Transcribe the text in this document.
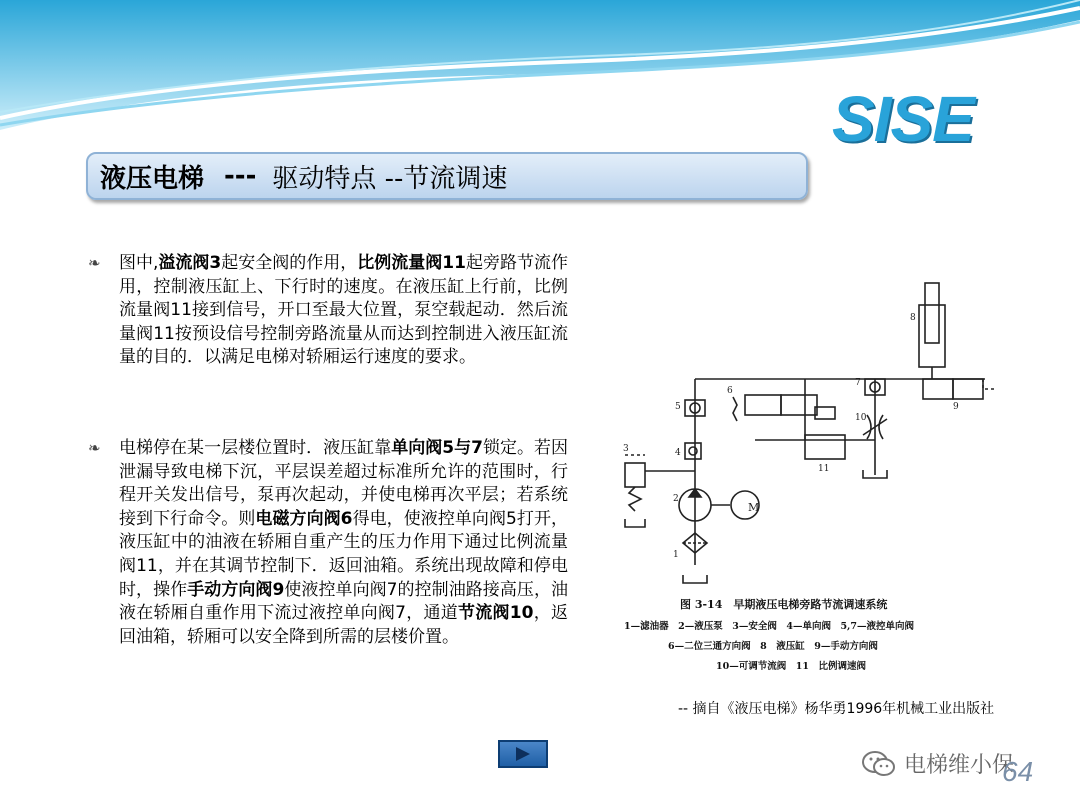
SISE
液压电梯 --- 驱动特点 --节流调速
❧	图中,溢流阀3起安全阀的作用，比例流量阀11起旁路节流作用，控制液压缸上、下行时的速度。在液压缸上行前，比例流量阀11接到信号，开口至最大位置，泵空载起动．然后流量阀11按预设信号控制旁路流量从而达到控制进入液压缸流量的目的．以满足电梯对轿厢运行速度的要求。
❧	电梯停在某一层楼位置时．液压缸靠单向阀5与7锁定。若因泄漏导致电梯下沉，平层误差超过标准所允许的范围时，行程开关发出信号，泵再次起动，并使电梯再次平层；若系统接到下行命令。则电磁方向阀6得电，使液控单向阀5打开，液压缸中的油液在轿厢自重产生的压力作用下通过比例流量阀11，并在其调节控制下．返回油箱。系统出现故障和停电时，操作手动方向阀9使液控单向阀7的控制油路接高压，油液在轿厢自重作用下流过液控单向阀7，通道节流阀10，返回油箱，轿厢可以安全降到所需的层楼价置。
M
1
2
3	4
5
6
7
8
9
10
11
图 3-14　早期液压电梯旁路节流调速系统
1—滤油器　2—液压泵　3—安全阀　4—单向阀　5,7—液控单向阀
6—二位三通方向阀　8　液压缸　9—手动方向阀
10—可调节流阀　11　比例调速阀
-- 摘自《液压电梯》杨华勇1996年机械工业出版社
电梯维小保
64
